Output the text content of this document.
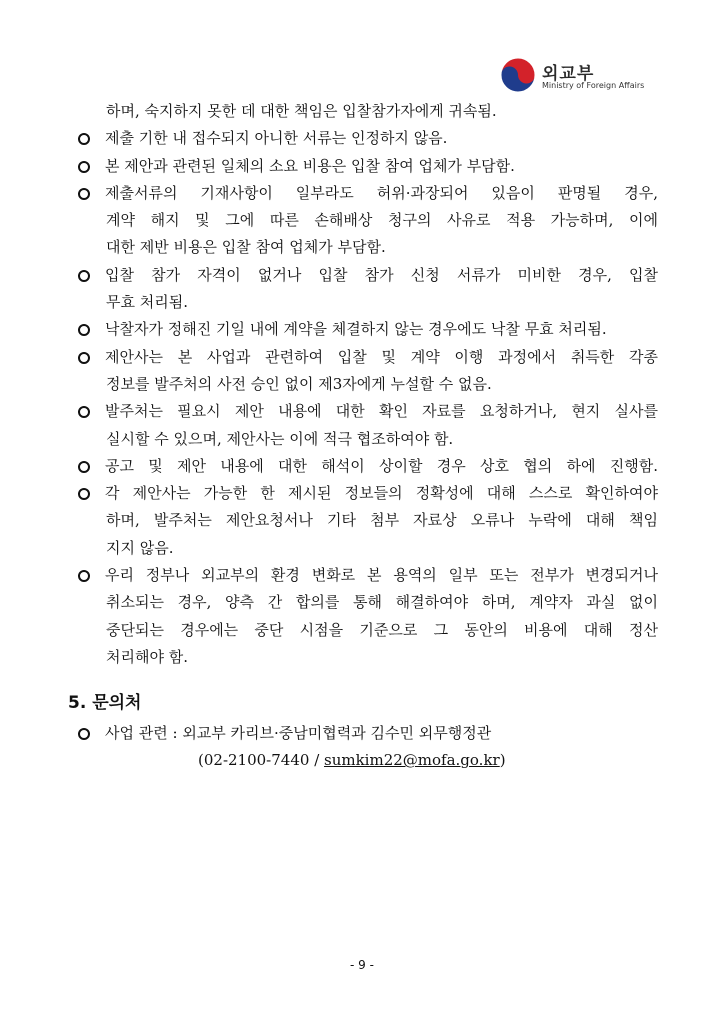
외교부
Ministry of Foreign Affairs
하며, 숙지하지 못한 데 대한 책임은 입찰참가자에게 귀속됨.
제출 기한 내 접수되지 아니한 서류는 인정하지 않음.
본 제안과 관련된 일체의 소요 비용은 입찰 참여 업체가 부담함.
제출서류의 기재사항이 일부라도 허위·과장되어 있음이 판명될 경우,
계약 해지 및 그에 따른 손해배상 청구의 사유로 적용 가능하며, 이에
대한 제반 비용은 입찰 참여 업체가 부담함.
입찰 참가 자격이 없거나 입찰 참가 신청 서류가 미비한 경우, 입찰
무효 처리됨.
낙찰자가 정해진 기일 내에 계약을 체결하지 않는 경우에도 낙찰 무효 처리됨.
제안사는 본 사업과 관련하여 입찰 및 계약 이행 과정에서 취득한 각종
정보를 발주처의 사전 승인 없이 제3자에게 누설할 수 없음.
발주처는 필요시 제안 내용에 대한 확인 자료를 요청하거나, 현지 실사를
실시할 수 있으며, 제안사는 이에 적극 협조하여야 함.
공고 및 제안 내용에 대한 해석이 상이할 경우 상호 협의 하에 진행함.
각 제안사는 가능한 한 제시된 정보들의 정확성에 대해 스스로 확인하여야
하며, 발주처는 제안요청서나 기타 첨부 자료상 오류나 누락에 대해 책임
지지 않음.
우리 정부나 외교부의 환경 변화로 본 용역의 일부 또는 전부가 변경되거나
취소되는 경우, 양측 간 합의를 통해 해결하여야 하며, 계약자 과실 없이
중단되는 경우에는 중단 시점을 기준으로 그 동안의 비용에 대해 정산
처리해야 함.
5. 문의처
사업 관련 : 외교부 카리브·중남미협력과 김수민 외무행정관
(02-2100-7440 / sumkim22@mofa.go.kr)
- 9 -
